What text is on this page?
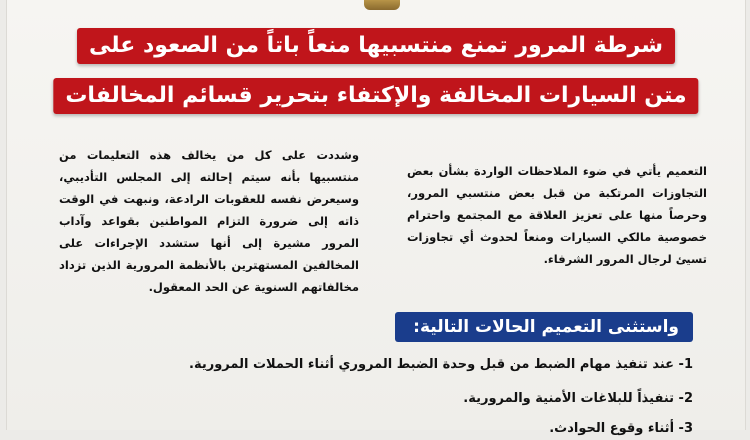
شرطة المرور تمنع منتسبيها منعاً باتاً من الصعود على
متن السيارات المخالفة والإكتفاء بتحرير قسائم المخالفات

التعميم يأتي في ضوء الملاحظات الواردة بشأن بعض التجاوزات المرتكبة من قبل بعض منتسبي المرور، وحرصاً منها على تعزيز العلاقة مع المجتمع واحترام خصوصية مالكي السيارات ومنعاً لحدوث أي تجاوزات تسيئ لرجال المرور الشرفاء.

وشددت على كل من يخالف هذه التعليمات من منتسبيها بأنه سيتم إحالته إلى المجلس التأديبي، وسيعرض نفسه للعقوبات الرادعة، ونبهت في الوقت ذاته إلى ضرورة التزام المواطنين بقواعد وآداب المرور مشيرة إلى أنها ستشدد الإجراءات على المخالفين المستهترين بالأنظمة المرورية الذين تزداد مخالفاتهم السنوية عن الحد المعقول.

واستثنى التعميم الحالات التالية:
1- عند تنفيذ مهام الضبط من قبل وحدة الضبط المروري أثناء الحملات المرورية.
2- تنفيذاً للبلاغات الأمنية والمرورية.
3- أثناء وقوع الحوادث.
